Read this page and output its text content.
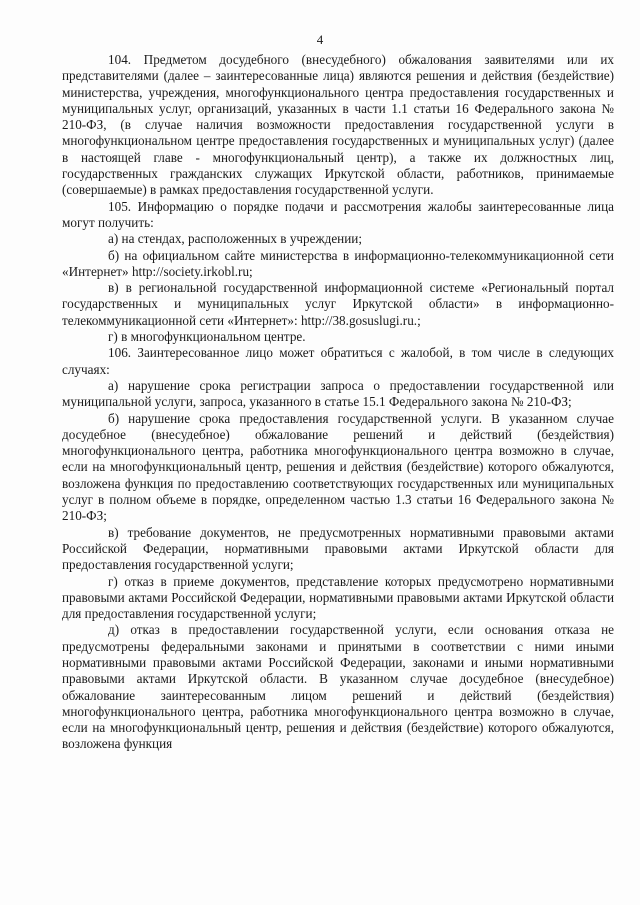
4

104. Предметом досудебного (внесудебного) обжалования заявителями или их представителями (далее – заинтересованные лица) являются решения и действия (бездействие) министерства, учреждения, многофункционального центра предоставления государственных и муниципальных услуг, организаций, указанных в части 1.1 статьи 16 Федерального закона № 210-ФЗ, (в случае наличия возможности предоставления государственной услуги в многофункциональном центре предоставления государственных и муниципальных услуг) (далее в настоящей главе - многофункциональный центр), а также их должностных лиц, государственных гражданских служащих Иркутской области, работников, принимаемые (совершаемые) в рамках предоставления государственной услуги.

105. Информацию о порядке подачи и рассмотрения жалобы заинтересованные лица могут получить:

а) на стендах, расположенных в учреждении;

б) на официальном сайте министерства в информационно-телекоммуникационной сети «Интернет» http://society.irkobl.ru;

в) в региональной государственной информационной системе «Региональный портал государственных и муниципальных услуг Иркутской области» в информационно-телекоммуникационной сети «Интернет»: http://38.gosuslugi.ru.;

г) в многофункциональном центре.

106. Заинтересованное лицо может обратиться с жалобой, в том числе в следующих случаях:

а) нарушение срока регистрации запроса о предоставлении государственной или муниципальной услуги, запроса, указанного в статье 15.1 Федерального закона № 210-ФЗ;

б) нарушение срока предоставления государственной услуги. В указанном случае досудебное (внесудебное) обжалование решений и действий (бездействия) многофункционального центра, работника многофункционального центра возможно в случае, если на многофункциональный центр, решения и действия (бездействие) которого обжалуются, возложена функция по предоставлению соответствующих государственных или муниципальных услуг в полном объеме в порядке, определенном частью 1.3 статьи 16 Федерального закона № 210-ФЗ;

в) требование документов, не предусмотренных нормативными правовыми актами Российской Федерации, нормативными правовыми актами Иркутской области для предоставления государственной услуги;

г) отказ в приеме документов, представление которых предусмотрено нормативными правовыми актами Российской Федерации, нормативными правовыми актами Иркутской области для предоставления государственной услуги;

д) отказ в предоставлении государственной услуги, если основания отказа не предусмотрены федеральными законами и принятыми в соответствии с ними иными нормативными правовыми актами Российской Федерации, законами и иными нормативными правовыми актами Иркутской области. В указанном случае досудебное (внесудебное) обжалование заинтересованным лицом решений и действий (бездействия) многофункционального центра, работника многофункционального центра возможно в случае, если на многофункциональный центр, решения и действия (бездействие) которого обжалуются, возложена функция
